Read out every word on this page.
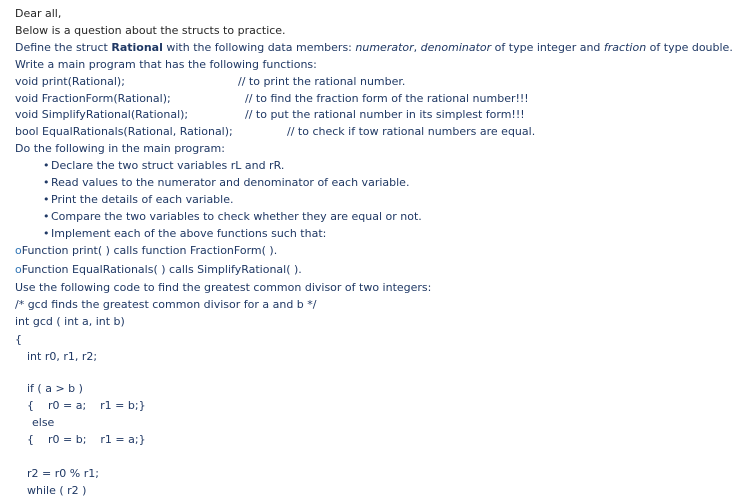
Dear all,
Below is a question about the structs to practice.
Define the struct Rational with the following data members: numerator, denominator of type integer and fraction of type double.
Write a main program that has the following functions:
void print(Rational);	// to print the rational number.
void FractionForm(Rational);	// to find the fraction form of the rational number!!!
void SimplifyRational(Rational);	// to put the rational number in its simplest form!!!
bool EqualRationals(Rational, Rational);	// to check if tow rational numbers are equal.
Do the following in the main program:
• Declare the two struct variables rL and rR.
• Read values to the numerator and denominator of each variable.
• Print the details of each variable.
• Compare the two variables to check whether they are equal or not.
• Implement each of the above functions such that:
oFunction print( ) calls function FractionForm( ).
oFunction EqualRationals( ) calls SimplifyRational( ).
Use the following code to find the greatest common divisor of two integers:
/* gcd finds the greatest common divisor for a and b */
int gcd ( int a, int b)
{
int r0, r1, r2;
if ( a > b )
{    r0 = a;    r1 = b;}
else
{    r0 = b;    r1 = a;}
r2 = r0 % r1;
while ( r2 )
